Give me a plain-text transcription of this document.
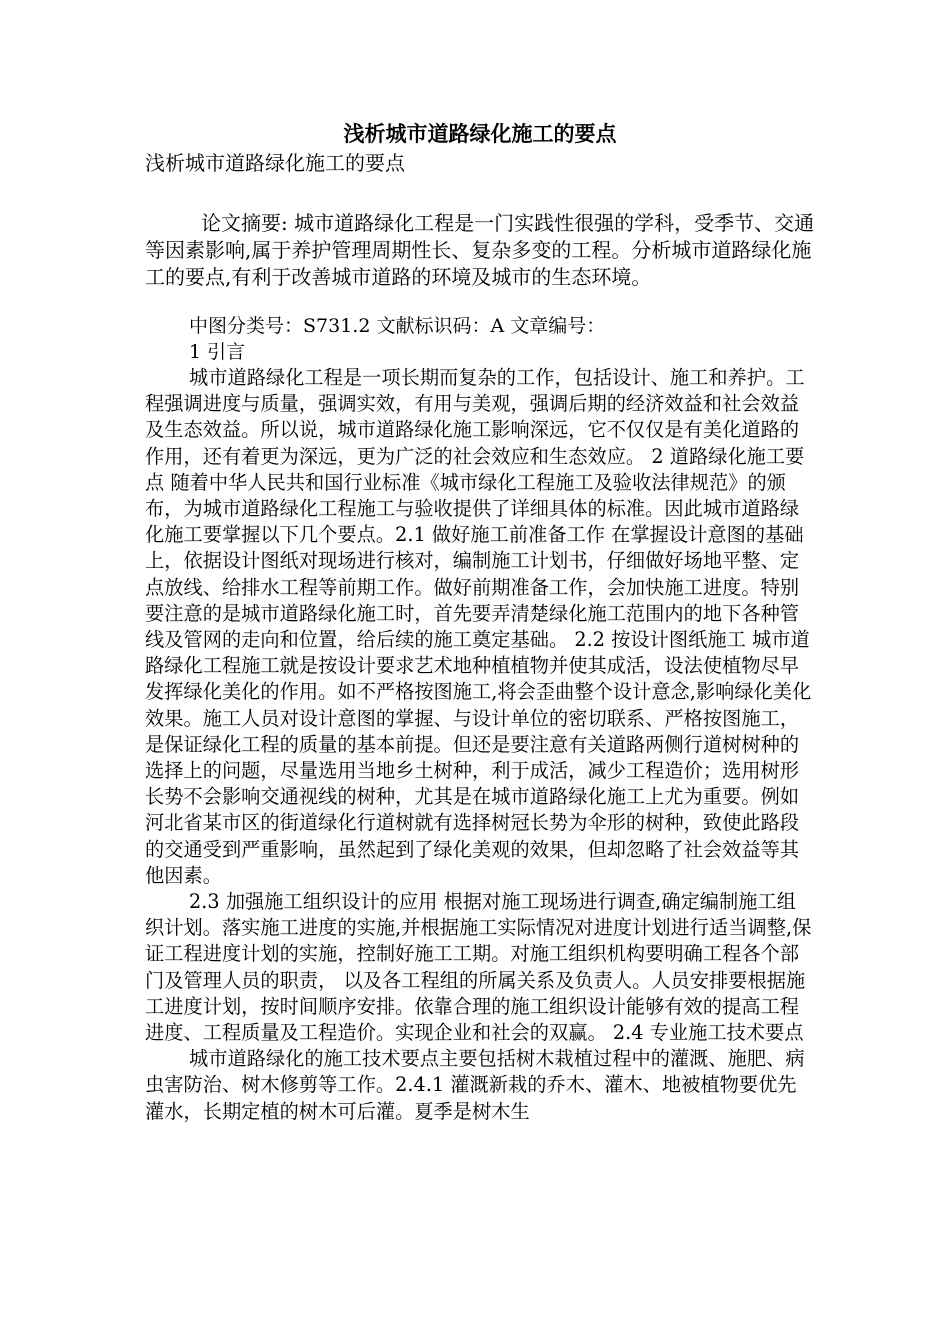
浅析城市道路绿化施工的要点
浅析城市道路绿化施工的要点

论文摘要: 城市道路绿化工程是一门实践性很强的学科，受季节、交通等因素影响,属于养护管理周期性长、复杂多变的工程。分析城市道路绿化施工的要点,有利于改善城市道路的环境及城市的生态环境。

中图分类号：S731.2 文献标识码：A 文章编号：
1 引言

城市道路绿化工程是一项长期而复杂的工作，包括设计、施工和养护。工程强调进度与质量，强调实效，有用与美观，强调后期的经济效益和社会效益及生态效益。所以说，城市道路绿化施工影响深远，它不仅仅是有美化道路的作用，还有着更为深远，更为广泛的社会效应和生态效应。 2 道路绿化施工要点 随着中华人民共和国行业标准《城市绿化工程施工及验收法律规范》的颁布，为城市道路绿化工程施工与验收提供了详细具体的标准。因此城市道路绿化施工要掌握以下几个要点。2.1 做好施工前准备工作 在掌握设计意图的基础上，依据设计图纸对现场进行核对，编制施工计划书，仔细做好场地平整、定点放线、给排水工程等前期工作。做好前期准备工作，会加快施工进度。特别要注意的是城市道路绿化施工时，首先要弄清楚绿化施工范围内的地下各种管线及管网的走向和位置，给后续的施工奠定基础。 2.2 按设计图纸施工 城市道路绿化工程施工就是按设计要求艺术地种植植物并使其成活，设法使植物尽早发挥绿化美化的作用。如不严格按图施工,将会歪曲整个设计意念,影响绿化美化效果。施工人员对设计意图的掌握、与设计单位的密切联系、严格按图施工，是保证绿化工程的质量的基本前提。但还是要注意有关道路两侧行道树树种的选择上的问题，尽量选用当地乡土树种，利于成活，减少工程造价；选用树形长势不会影响交通视线的树种，尤其是在城市道路绿化施工上尤为重要。例如河北省某市区的街道绿化行道树就有选择树冠长势为伞形的树种，致使此路段的交通受到严重影响，虽然起到了绿化美观的效果，但却忽略了社会效益等其他因素。

2.3 加强施工组织设计的应用 根据对施工现场进行调查,确定编制施工组织计划。落实施工进度的实施,并根据施工实际情况对进度计划进行适当调整,保证工程进度计划的实施，控制好施工工期。对施工组织机构要明确工程各个部门及管理人员的职责， 以及各工程组的所属关系及负责人。人员安排要根据施工进度计划，按时间顺序安排。依靠合理的施工组织设计能够有效的提高工程进度、工程质量及工程造价。实现企业和社会的双赢。 2.4 专业施工技术要点

城市道路绿化的施工技术要点主要包括树木栽植过程中的灌溉、施肥、病虫害防治、树木修剪等工作。2.4.1 灌溉新栽的乔木、灌木、地被植物要优先灌水，长期定植的树木可后灌。夏季是树木生
